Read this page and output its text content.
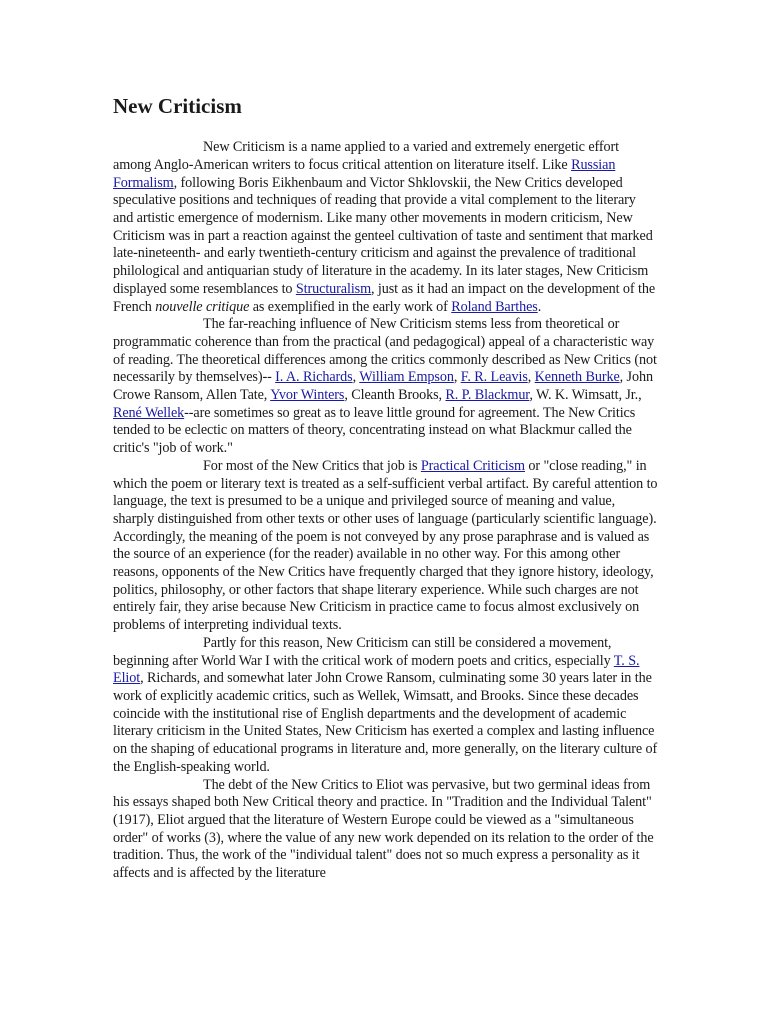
New Criticism

New Criticism is a name applied to a varied and extremely energetic effort among Anglo-American writers to focus critical attention on literature itself. Like Russian Formalism, following Boris Eikhenbaum and Victor Shklovskii, the New Critics developed speculative positions and techniques of reading that provide a vital complement to the literary and artistic emergence of modernism. Like many other movements in modern criticism, New Criticism was in part a reaction against the genteel cultivation of taste and sentiment that marked late-nineteenth- and early twentieth-century criticism and against the prevalence of traditional philological and antiquarian study of literature in the academy. In its later stages, New Criticism displayed some resemblances to Structuralism, just as it had an impact on the development of the French nouvelle critique as exemplified in the early work of Roland Barthes.

The far-reaching influence of New Criticism stems less from theoretical or programmatic coherence than from the practical (and pedagogical) appeal of a characteristic way of reading. The theoretical differences among the critics commonly described as New Critics (not necessarily by themselves)-- I. A. Richards, William Empson, F. R. Leavis, Kenneth Burke, John Crowe Ransom, Allen Tate, Yvor Winters, Cleanth Brooks, R. P. Blackmur, W. K. Wimsatt, Jr., René Wellek--are sometimes so great as to leave little ground for agreement. The New Critics tended to be eclectic on matters of theory, concentrating instead on what Blackmur called the critic's "job of work."

For most of the New Critics that job is Practical Criticism or "close reading," in which the poem or literary text is treated as a self-sufficient verbal artifact. By careful attention to language, the text is presumed to be a unique and privileged source of meaning and value, sharply distinguished from other texts or other uses of language (particularly scientific language). Accordingly, the meaning of the poem is not conveyed by any prose paraphrase and is valued as the source of an experience (for the reader) available in no other way. For this among other reasons, opponents of the New Critics have frequently charged that they ignore history, ideology, politics, philosophy, or other factors that shape literary experience. While such charges are not entirely fair, they arise because New Criticism in practice came to focus almost exclusively on problems of interpreting individual texts.

Partly for this reason, New Criticism can still be considered a movement, beginning after World War I with the critical work of modern poets and critics, especially T. S. Eliot, Richards, and somewhat later John Crowe Ransom, culminating some 30 years later in the work of explicitly academic critics, such as Wellek, Wimsatt, and Brooks. Since these decades coincide with the institutional rise of English departments and the development of academic literary criticism in the United States, New Criticism has exerted a complex and lasting influence on the shaping of educational programs in literature and, more generally, on the literary culture of the English-speaking world.

The debt of the New Critics to Eliot was pervasive, but two germinal ideas from his essays shaped both New Critical theory and practice. In "Tradition and the Individual Talent" (1917), Eliot argued that the literature of Western Europe could be viewed as a "simultaneous order" of works (3), where the value of any new work depended on its relation to the order of the tradition. Thus, the work of the "individual talent" does not so much express a personality as it affects and is affected by the literature
